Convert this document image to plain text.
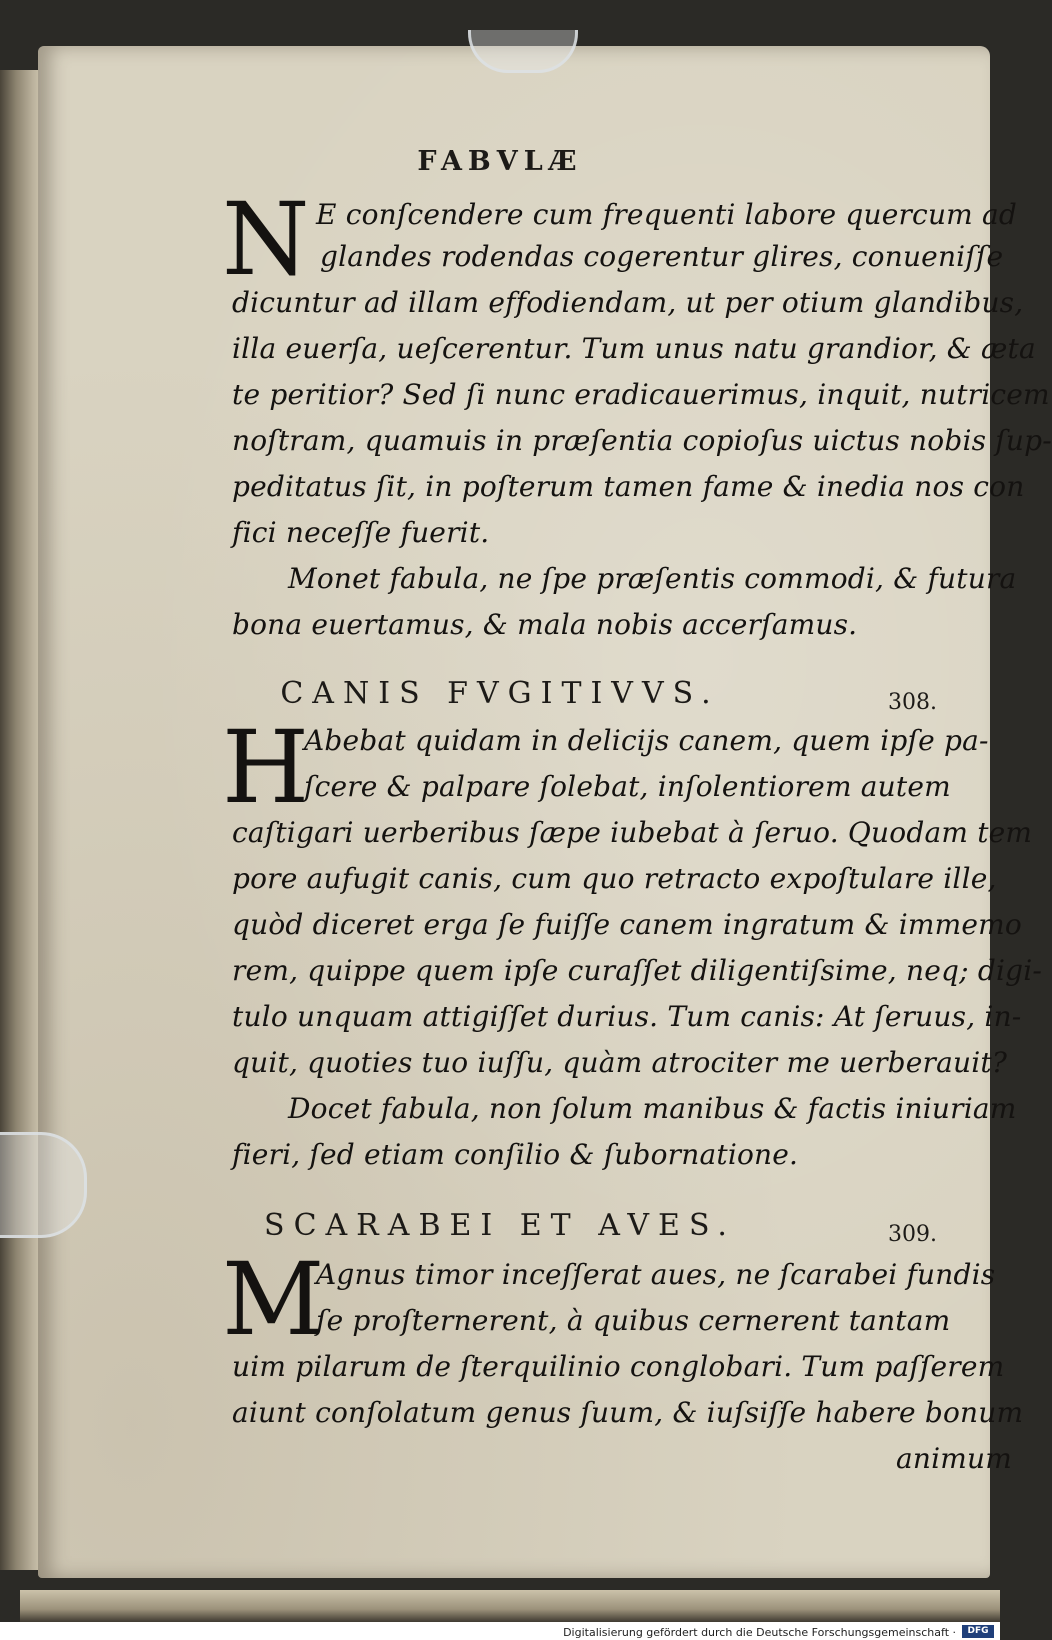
FABVLÆ
N E conſcendere cum frequenti labore quercum ad
glandes rodendas cogerentur glires, conueniſſe
dicuntur ad illam effodiendam, ut per otium glandibus,
illa euerſa, ueſcerentur. Tum unus natu grandior, & æta
te peritior? Sed ſi nunc eradicauerimus, inquit, nutricem
noſtram, quamuis in præſentia copioſus uictus nobis ſup-
peditatus ſit, in poſterum tamen fame & inedia nos con
fici neceſſe fuerit.
Monet fabula, ne ſpe præſentis commodi, & futura
bona euertamus, & mala nobis accerſamus.
CANIS FVGITIVVS.	308.
H
Abebat quidam in delicijs canem, quem ipſe pa-
ſcere & palpare ſolebat, inſolentiorem autem
caſtigari uerberibus ſæpe iubebat à ſeruo. Quodam tem
pore aufugit canis, cum quo retracto expoſtulare ille,
quòd diceret erga ſe fuiſſe canem ingratum & immemo
rem, quippe quem ipſe curaſſet diligentiſsime, neq; digi-
tulo unquam attigiſſet durius. Tum canis: At ſeruus, in-
quit, quoties tuo iuſſu, quàm atrociter me uerberauit?
Docet fabula, non ſolum manibus & factis iniuriam
fieri, ſed etiam conſilio & ſubornatione.
SCARABEI ET AVES.	309.
M
Agnus timor inceſſerat aues, ne ſcarabei fundis
ſe proſternerent, à quibus cernerent tantam
uim pilarum de ſterquilinio conglobari. Tum paſſerem
aiunt conſolatum genus ſuum, & iuſsiſſe habere bonum
animum
Digitalisierung gefördert durch die Deutsche Forschungsgemeinschaft ·	DFG
